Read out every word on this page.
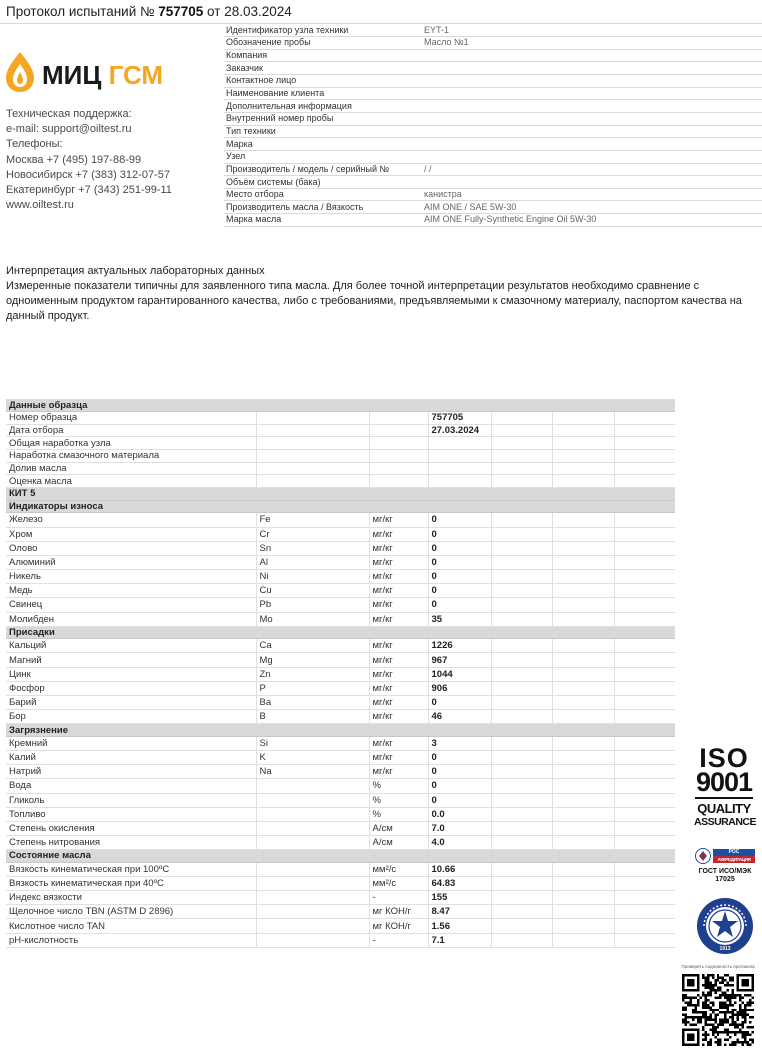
Протокол испытаний № 757705 от 28.03.2024
МИЦ ГСМ
Техническая поддержка:
e-mail: support@oiltest.ru
Телефоны:
Москва +7 (495) 197-88-99
Новосибирск +7 (383) 312-07-57
Екатеринбург +7 (343) 251-99-11
www.oiltest.ru
Идентификатор узла техники	EYT-1
Обозначение пробы	Масло №1
Компания	
Заказчик	
Контактное лицо	
Наименование клиента	
Дополнительная информация	
Внутренний номер пробы	
Тип техники	
Марка	
Узел	
Производитель / модель / серийный №	/ /
Объём системы (бака)	
Место отбора	канистра
Производитель масла / Вязкость	AIM ONE / SAE 5W-30
Марка масла	AIM ONE Fully-Synthetic Engine Oil 5W-30
Интерпретация актуальных лабораторных данных
Измеренные показатели типичны для заявленного типа масла. Для более точной интерпретации результатов необходимо сравнение с одноименным продуктом гарантированного качества, либо с требованиями, предъявляемыми к смазочному материалу, паспортом качества на данный продукт.
Данные образца						
Номер образца			757705			
Дата отбора			27.03.2024			
Общая наработка узла						
Наработка смазочного материала						
Долив масла						
Оценка масла						
КИТ 5						
Индикаторы износа						
Железо	Fe	мг/кг	0			
Хром	Cr	мг/кг	0			
Олово	Sn	мг/кг	0			
Алюминий	Al	мг/кг	0			
Никель	Ni	мг/кг	0			
Медь	Cu	мг/кг	0			
Свинец	Pb	мг/кг	0			
Молибден	Mo	мг/кг	35			
Присадки						
Кальций	Ca	мг/кг	1226			
Магний	Mg	мг/кг	967			
Цинк	Zn	мг/кг	1044			
Фосфор	P	мг/кг	906			
Барий	Ba	мг/кг	0			
Бор	B	мг/кг	46			
Загрязнение						
Кремний	Si	мг/кг	3			
Калий	K	мг/кг	0			
Натрий	Na	мг/кг	0			
Вода		%	0			
Гликоль		%	0			
Топливо		%	0.0			
Степень окисления		А/см	7.0			
Степень нитрования		А/см	4.0			
Состояние масла						
Вязкость кинематическая при 100ºC		мм²/с	10.66			
Вязкость кинематическая при 40ºC		мм²/с	64.83			
Индекс вязкости		-	155			
Щелочное число TBN (ASTM D 2896)		мг КОН/г	8.47			
Кислотное число TAN		мг КОН/г	1.56			
pH-кислотность		-	7.1			
ISO
9001
QUALITY
ASSURANCE
РОС
АККРЕДИТАЦИЯ
ГОСТ ИСО/МЭК
17025
1913
Проверить подлинность протокола
